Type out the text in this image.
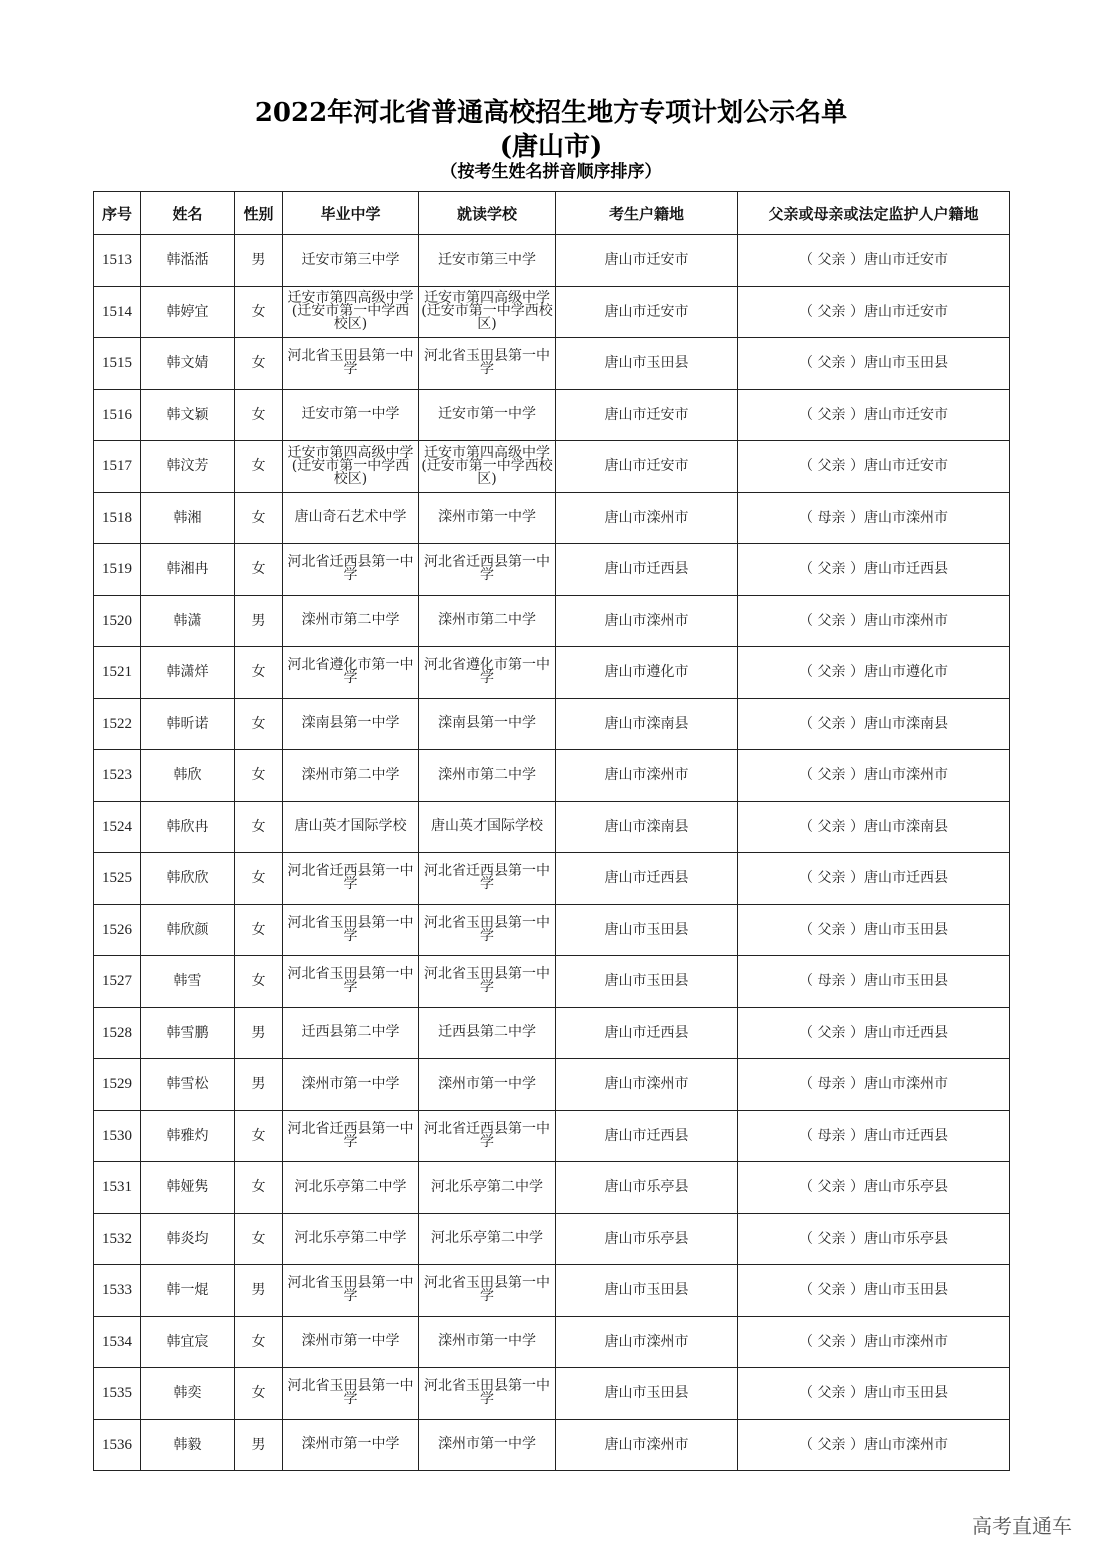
2022年河北省普通高校招生地方专项计划公示名单
(唐山市)
（按考生姓名拼音顺序排序）
序号	姓名	性别	毕业中学	就读学校	考生户籍地	父亲或母亲或法定监护人户籍地
1513	韩湉湉	男	迁安市第三中学	迁安市第三中学	唐山市迁安市	（ 父亲 ）唐山市迁安市
1514	韩婷宜	女	迁安市第四高级中学(迁安市第一中学西校区)	迁安市第四高级中学(迁安市第一中学西校区)	唐山市迁安市	（ 父亲 ）唐山市迁安市
1515	韩文婧	女	河北省玉田县第一中学	河北省玉田县第一中学	唐山市玉田县	（ 父亲 ）唐山市玉田县
1516	韩文颖	女	迁安市第一中学	迁安市第一中学	唐山市迁安市	（ 父亲 ）唐山市迁安市
1517	韩汶芳	女	迁安市第四高级中学(迁安市第一中学西校区)	迁安市第四高级中学(迁安市第一中学西校区)	唐山市迁安市	（ 父亲 ）唐山市迁安市
1518	韩湘	女	唐山奇石艺术中学	滦州市第一中学	唐山市滦州市	（ 母亲 ）唐山市滦州市
1519	韩湘冉	女	河北省迁西县第一中学	河北省迁西县第一中学	唐山市迁西县	（ 父亲 ）唐山市迁西县
1520	韩潇	男	滦州市第二中学	滦州市第二中学	唐山市滦州市	（ 父亲 ）唐山市滦州市
1521	韩潇烊	女	河北省遵化市第一中学	河北省遵化市第一中学	唐山市遵化市	（ 父亲 ）唐山市遵化市
1522	韩昕诺	女	滦南县第一中学	滦南县第一中学	唐山市滦南县	（ 父亲 ）唐山市滦南县
1523	韩欣	女	滦州市第二中学	滦州市第二中学	唐山市滦州市	（ 父亲 ）唐山市滦州市
1524	韩欣冉	女	唐山英才国际学校	唐山英才国际学校	唐山市滦南县	（ 父亲 ）唐山市滦南县
1525	韩欣欣	女	河北省迁西县第一中学	河北省迁西县第一中学	唐山市迁西县	（ 父亲 ）唐山市迁西县
1526	韩欣颜	女	河北省玉田县第一中学	河北省玉田县第一中学	唐山市玉田县	（ 父亲 ）唐山市玉田县
1527	韩雪	女	河北省玉田县第一中学	河北省玉田县第一中学	唐山市玉田县	（ 母亲 ）唐山市玉田县
1528	韩雪鹏	男	迁西县第二中学	迁西县第二中学	唐山市迁西县	（ 父亲 ）唐山市迁西县
1529	韩雪松	男	滦州市第一中学	滦州市第一中学	唐山市滦州市	（ 母亲 ）唐山市滦州市
1530	韩雅灼	女	河北省迁西县第一中学	河北省迁西县第一中学	唐山市迁西县	（ 母亲 ）唐山市迁西县
1531	韩娅隽	女	河北乐亭第二中学	河北乐亭第二中学	唐山市乐亭县	（ 父亲 ）唐山市乐亭县
1532	韩炎均	女	河北乐亭第二中学	河北乐亭第二中学	唐山市乐亭县	（ 父亲 ）唐山市乐亭县
1533	韩一焜	男	河北省玉田县第一中学	河北省玉田县第一中学	唐山市玉田县	（ 父亲 ）唐山市玉田县
1534	韩宜宸	女	滦州市第一中学	滦州市第一中学	唐山市滦州市	（ 父亲 ）唐山市滦州市
1535	韩奕	女	河北省玉田县第一中学	河北省玉田县第一中学	唐山市玉田县	（ 父亲 ）唐山市玉田县
1536	韩毅	男	滦州市第一中学	滦州市第一中学	唐山市滦州市	（ 父亲 ）唐山市滦州市
高考直通车
